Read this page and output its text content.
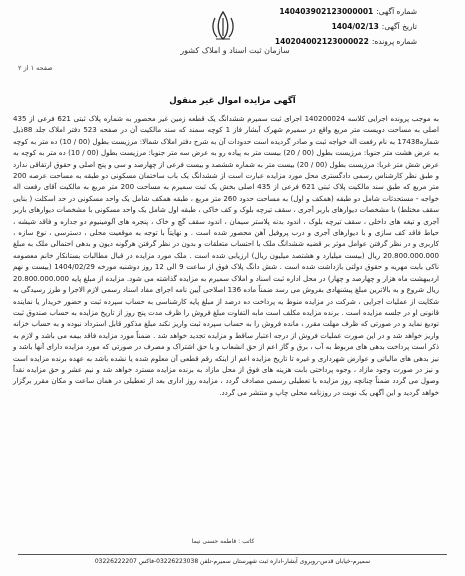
شماره آگهی:
140403902123000001
تاریخ آگهی:
1404/02/13
شماره پرونده:
140204002123000022
سازمان ثبت اسناد و املاک کشور
صفحه ۱ از ۲
آگهی مزایده اموال غیر منقول
به موجب پرونده اجرایی کلاسه 140200024 اجرای ثبت سمیرم ششدانگ یک قطعه زمین غیر محصور به شماره پلاک ثبتی 621 فرعی از 435 اصلی به مساحت دویست متر مربع واقع در سمیرم شهرک آبشار فاز 1 کوچه سمند که سند مالکیت آن در صفحه 523 دفتر املاک جلد 88ذیل شماره17438 به نام رفعت اله خواجه ثبت و صادر گردیده است حدودات آن به شرح دفتر املاک شمالا: مرزیست بطول (00 / 10) ده متر به کوچه به عرض هشت متر جنوبا: مرزیست بطول (00 / 20) بیست متر به پیاده رو به عرض سه متر جنوبا: مرزیست بطول (00 / 10) ده متر به کوچه به عرض شش متر غربا: مرزیست بطول (00 / 20) بیست متر به شماره ششصد و بیست فرعی از چهارصد و سی و پنج اصلی و حقوق ارتفاقی ندارد و طبق نظر کارشناس رسمی دادگستری محل مورد مزایده عبارت است از ششدانگ یک باب ساختمان مسکونی دو طبقه به مساحت عرصه 200 متر مربع که طبق سند مالکیت پلاک ثبتی 621 فرعی از 435 اصلی بخش یک ثبت سمیرم به مساحت 200 متر مربع به مالکیت آقای رفعت اله خواجه - مستحدثات شامل دو طبقه (همکف و اول) به مساحت حدود 260 متر مربع ، طبقه همکف شامل یک واحد مسکونی در حد اسکلت ( بنایی سقف مختلط) با مشخصات دیوارهای باربر آجری ، سقف تیرچه بلوک و کف خاکی ، طبقه اول شامل یک واحد مسکونی با مشخصات دیوارهای باربر آجری و تیغه های داخلی ، سقف تیرچه بلوک ، اندود بدنه پلاستر سیمان ، اندود سقف گچ و خاک ، پنجره های آلومینیوم دو جداره و فاقد شیشه ، حیاط فاقد کف سازی و با دیوارهای آجری و درب پروفیل آهن محصور شده است . و نهایتاً با توجه به موقعیت محلی ، دسترسی ، نوع سازه ، کاربری و در نظر گرفتن عوامل موثر بر قضیه ششدانگ ملک با احتساب متعلقات و بدون در نظر گرفتن هرگونه دیون و بدهی احتمالی ملک به مبلغ 20.800.000.000 ریال (بیست میلیارد و هشتصد میلیون ریال) ارزیابی شده است . ملک مورد مزایده در قبال مطالبات بستانکار خانم معصومه ناکی بابت مهریه و حقوق دولتی بازداشت شده است . شش دانگ پلاک فوق از ساعت 9 الی 12 روز دوشنبه مورخه 1404/02/29 (بیست و نهم اردیبهشت ماه هزار و چهارصد و چهار) در محل اداره ثبت اسناد و املاک سمیرم به مزایده گذاشته می شود. مزایده از مبلغ پایه 20.800.000.000 ریال شروع و به بالاترین مبلغ پیشنهادی بفروش می رسد ضمناً ماده 136 اصلاحی آیین نامه اجرای مفاد اسناد رسمی لازم الاجرا و طرز رسیدگی به شکایت از عملیات اجرایی ، شرکت در مزایده منوط به پرداخت ده درصد از مبلغ پایه کارشناسی به حساب سپرده ثبت و حضور خریدار یا نماینده قانونی او در جلسه مزایده است . برنده مزایده مکلف است مابه التفاوت مبلغ فروش را ظرف مدت پنج روز از تاریخ مزایده به حساب صندوق ثبت تودیع نماید و در صورتی که ظرف مهلت مقرر ، مانده فروش را به حساب سپرده ثبت واریز نکند مبلغ مذکور قابل استرداد نبوده و به حساب خزانه واریز خواهد شد و در این صورت عملیات فروش از درجه اعتبار ساقط و مزایده تجدید خواهد شد . ضمناً مورد مزایده فاقد بیمه می باشد و لازم به ذکر است پرداخت بدهی های مربوط به آب ، برق و گاز اعم از حق انشعاب و یا حق اشتراک و مصرف در صورتی که مورد مزایده دارای آنها باشد و نیز بدهی های مالیاتی و عوارض شهرداری و غیره تا تاریخ مزایده اعم از اینکه رقم قطعی آن معلوم شده یا نشده باشد به عهده برنده مزایده است و نیز در صورت وجود مازاد ، وجوه پرداختی بابت هزینه های فوق از محل مازاد به برنده مزایده مسترد خواهد شد و نیم عشر و حق مزایده نقداً وصول می گردد ضمناً چنانچه روز مزایده با تعطیلی رسمی مصادف گردد ، مزایده روز اداری بعد از تعطیلی در همان ساعت و مکان مقرر برگزار خواهد گردید و این آگهی یک نوبت در روزنامه محلی چاپ و منتشر می گردد.
کاتب : فاطمه حسنی نیما
سمیرم-خیابان قدس-روبروی آبشار-اداره ثبت شهرستان سمیرم-تلفن 03226223038-فاکس 03226222207
